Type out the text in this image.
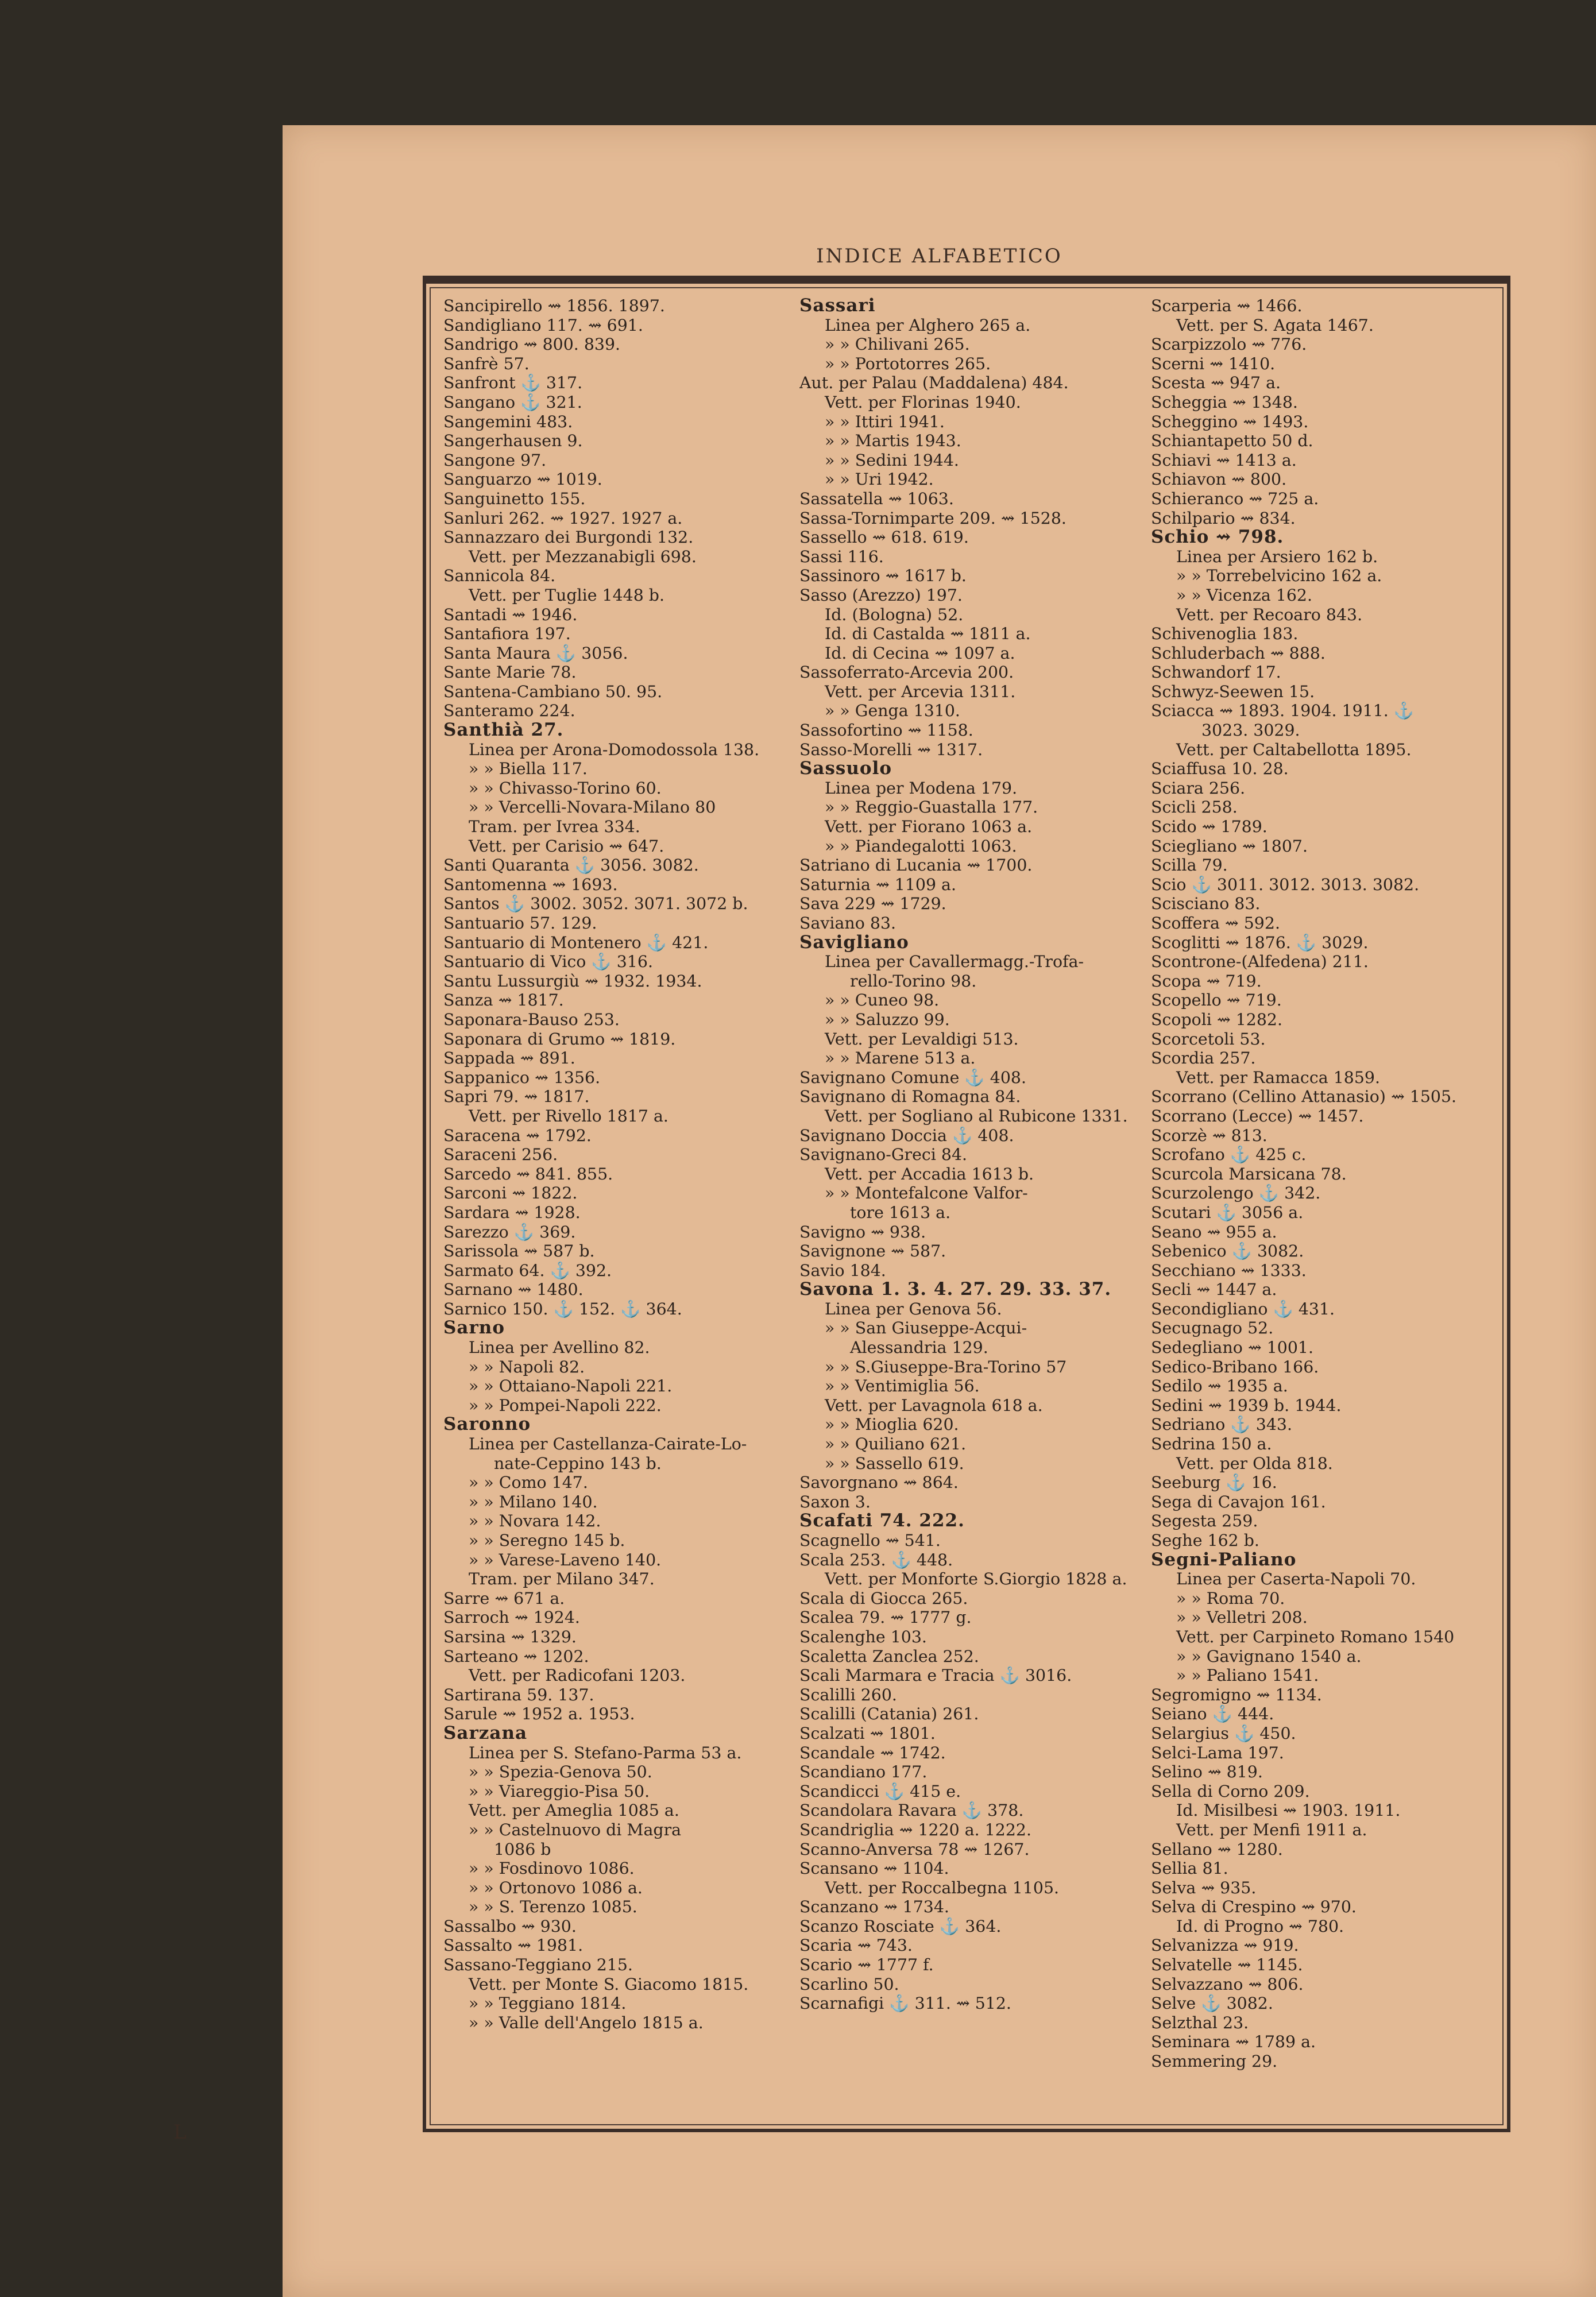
INDICE ALFABETICO
Sancipirello ⇝ 1856. 1897.
Sandigliano 117. ⇝ 691.
Sandrigo ⇝ 800. 839.
Sanfrè 57.
Sanfront ⚓ 317.
Sangano ⚓ 321.
Sangemini 483.
Sangerhausen 9.
Sangone 97.
Sanguarzo ⇝ 1019.
Sanguinetto 155.
Sanluri 262. ⇝ 1927. 1927 a.
Sannazzaro dei Burgondi 132.
Vett. per Mezzanabigli 698.
Sannicola 84.
Vett. per Tuglie 1448 b.
Santadi ⇝ 1946.
Santafiora 197.
Santa Maura ⚓ 3056.
Sante Marie 78.
Santena-Cambiano 50. 95.
Santeramo 224.
Santhià 27.
Linea per Arona-Domodossola 138.
» » Biella 117.
» » Chivasso-Torino 60.
» » Vercelli-Novara-Milano 80
Tram. per Ivrea 334.
Vett. per Carisio ⇝ 647.
Santi Quaranta ⚓ 3056. 3082.
Santomenna ⇝ 1693.
Santos ⚓ 3002. 3052. 3071. 3072 b.
Santuario 57. 129.
Santuario di Montenero ⚓ 421.
Santuario di Vico ⚓ 316.
Santu Lussurgiù ⇝ 1932. 1934.
Sanza ⇝ 1817.
Saponara-Bauso 253.
Saponara di Grumo ⇝ 1819.
Sappada ⇝ 891.
Sappanico ⇝ 1356.
Sapri 79. ⇝ 1817.
Vett. per Rivello 1817 a.
Saracena ⇝ 1792.
Saraceni 256.
Sarcedo ⇝ 841. 855.
Sarconi ⇝ 1822.
Sardara ⇝ 1928.
Sarezzo ⚓ 369.
Sarissola ⇝ 587 b.
Sarmato 64. ⚓ 392.
Sarnano ⇝ 1480.
Sarnico 150. ⚓ 152. ⚓ 364.
Sarno
Linea per Avellino 82.
» » Napoli 82.
» » Ottaiano-Napoli 221.
» » Pompei-Napoli 222.
Saronno
Linea per Castellanza-Cairate-Lo-
nate-Ceppino 143 b.
» » Como 147.
» » Milano 140.
» » Novara 142.
» » Seregno 145 b.
» » Varese-Laveno 140.
Tram. per Milano 347.
Sarre ⇝ 671 a.
Sarroch ⇝ 1924.
Sarsina ⇝ 1329.
Sarteano ⇝ 1202.
Vett. per Radicofani 1203.
Sartirana 59. 137.
Sarule ⇝ 1952 a. 1953.
Sarzana
Linea per S. Stefano-Parma 53 a.
» » Spezia-Genova 50.
» » Viareggio-Pisa 50.
Vett. per Ameglia 1085 a.
» » Castelnuovo di Magra
1086 b
» » Fosdinovo 1086.
» » Ortonovo 1086 a.
» » S. Terenzo 1085.
Sassalbo ⇝ 930.
Sassalto ⇝ 1981.
Sassano-Teggiano 215.
Vett. per Monte S. Giacomo 1815.
» » Teggiano 1814.
» » Valle dell'Angelo 1815 a.
Sassari
Linea per Alghero 265 a.
» » Chilivani 265.
» » Portotorres 265.
Aut. per Palau (Maddalena) 484.
Vett. per Florinas 1940.
» » Ittiri 1941.
» » Martis 1943.
» » Sedini 1944.
» » Uri 1942.
Sassatella ⇝ 1063.
Sassa-Tornimparte 209. ⇝ 1528.
Sassello ⇝ 618. 619.
Sassi 116.
Sassinoro ⇝ 1617 b.
Sasso (Arezzo) 197.
Id. (Bologna) 52.
Id. di Castalda ⇝ 1811 a.
Id. di Cecina ⇝ 1097 a.
Sassoferrato-Arcevia 200.
Vett. per Arcevia 1311.
» » Genga 1310.
Sassofortino ⇝ 1158.
Sasso-Morelli ⇝ 1317.
Sassuolo
Linea per Modena 179.
» » Reggio-Guastalla 177.
Vett. per Fiorano 1063 a.
» » Piandegalotti 1063.
Satriano di Lucania ⇝ 1700.
Saturnia ⇝ 1109 a.
Sava 229 ⇝ 1729.
Saviano 83.
Savigliano
Linea per Cavallermagg.-Trofa-
rello-Torino 98.
» » Cuneo 98.
» » Saluzzo 99.
Vett. per Levaldigi 513.
» » Marene 513 a.
Savignano Comune ⚓ 408.
Savignano di Romagna 84.
Vett. per Sogliano al Rubicone 1331.
Savignano Doccia ⚓ 408.
Savignano-Greci 84.
Vett. per Accadia 1613 b.
» » Montefalcone Valfor-
tore 1613 a.
Savigno ⇝ 938.
Savignone ⇝ 587.
Savio 184.
Savona 1. 3. 4. 27. 29. 33. 37.
Linea per Genova 56.
» » San Giuseppe-Acqui-
Alessandria 129.
» » S.Giuseppe-Bra-Torino 57
» » Ventimiglia 56.
Vett. per Lavagnola 618 a.
» » Mioglia 620.
» » Quiliano 621.
» » Sassello 619.
Savorgnano ⇝ 864.
Saxon 3.
Scafati 74. 222.
Scagnello ⇝ 541.
Scala 253. ⚓ 448.
Vett. per Monforte S.Giorgio 1828 a.
Scala di Giocca 265.
Scalea 79. ⇝ 1777 g.
Scalenghe 103.
Scaletta Zanclea 252.
Scali Marmara e Tracia ⚓ 3016.
Scalilli 260.
Scalilli (Catania) 261.
Scalzati ⇝ 1801.
Scandale ⇝ 1742.
Scandiano 177.
Scandicci ⚓ 415 e.
Scandolara Ravara ⚓ 378.
Scandriglia ⇝ 1220 a. 1222.
Scanno-Anversa 78 ⇝ 1267.
Scansano ⇝ 1104.
Vett. per Roccalbegna 1105.
Scanzano ⇝ 1734.
Scanzo Rosciate ⚓ 364.
Scaria ⇝ 743.
Scario ⇝ 1777 f.
Scarlino 50.
Scarnafigi ⚓ 311. ⇝ 512.
Scarperia ⇝ 1466.
Vett. per S. Agata 1467.
Scarpizzolo ⇝ 776.
Scerni ⇝ 1410.
Scesta ⇝ 947 a.
Scheggia ⇝ 1348.
Scheggino ⇝ 1493.
Schiantapetto 50 d.
Schiavi ⇝ 1413 a.
Schiavon ⇝ 800.
Schieranco ⇝ 725 a.
Schilpario ⇝ 834.
Schio ⇝ 798.
Linea per Arsiero 162 b.
» » Torrebelvicino 162 a.
» » Vicenza 162.
Vett. per Recoaro 843.
Schivenoglia 183.
Schluderbach ⇝ 888.
Schwandorf 17.
Schwyz-Seewen 15.
Sciacca ⇝ 1893. 1904. 1911. ⚓
3023. 3029.
Vett. per Caltabellotta 1895.
Sciaffusa 10. 28.
Sciara 256.
Scicli 258.
Scido ⇝ 1789.
Sciegliano ⇝ 1807.
Scilla 79.
Scio ⚓ 3011. 3012. 3013. 3082.
Scisciano 83.
Scoffera ⇝ 592.
Scoglitti ⇝ 1876. ⚓ 3029.
Scontrone-(Alfedena) 211.
Scopa ⇝ 719.
Scopello ⇝ 719.
Scopoli ⇝ 1282.
Scorcetoli 53.
Scordia 257.
Vett. per Ramacca 1859.
Scorrano (Cellino Attanasio) ⇝ 1505.
Scorrano (Lecce) ⇝ 1457.
Scorzè ⇝ 813.
Scrofano ⚓ 425 c.
Scurcola Marsicana 78.
Scurzolengo ⚓ 342.
Scutari ⚓ 3056 a.
Seano ⇝ 955 a.
Sebenico ⚓ 3082.
Secchiano ⇝ 1333.
Secli ⇝ 1447 a.
Secondigliano ⚓ 431.
Secugnago 52.
Sedegliano ⇝ 1001.
Sedico-Bribano 166.
Sedilo ⇝ 1935 a.
Sedini ⇝ 1939 b. 1944.
Sedriano ⚓ 343.
Sedrina 150 a.
Vett. per Olda 818.
Seeburg ⚓ 16.
Sega di Cavajon 161.
Segesta 259.
Seghe 162 b.
Segni-Paliano
Linea per Caserta-Napoli 70.
» » Roma 70.
» » Velletri 208.
Vett. per Carpineto Romano 1540
» » Gavignano 1540 a.
» » Paliano 1541.
Segromigno ⇝ 1134.
Seiano ⚓ 444.
Selargius ⚓ 450.
Selci-Lama 197.
Selino ⇝ 819.
Sella di Corno 209.
Id. Misilbesi ⇝ 1903. 1911.
Vett. per Menfi 1911 a.
Sellano ⇝ 1280.
Sellia 81.
Selva ⇝ 935.
Selva di Crespino ⇝ 970.
Id. di Progno ⇝ 780.
Selvanizza ⇝ 919.
Selvatelle ⇝ 1145.
Selvazzano ⇝ 806.
Selve ⚓ 3082.
Selzthal 23.
Seminara ⇝ 1789 a.
Semmering 29.
L
